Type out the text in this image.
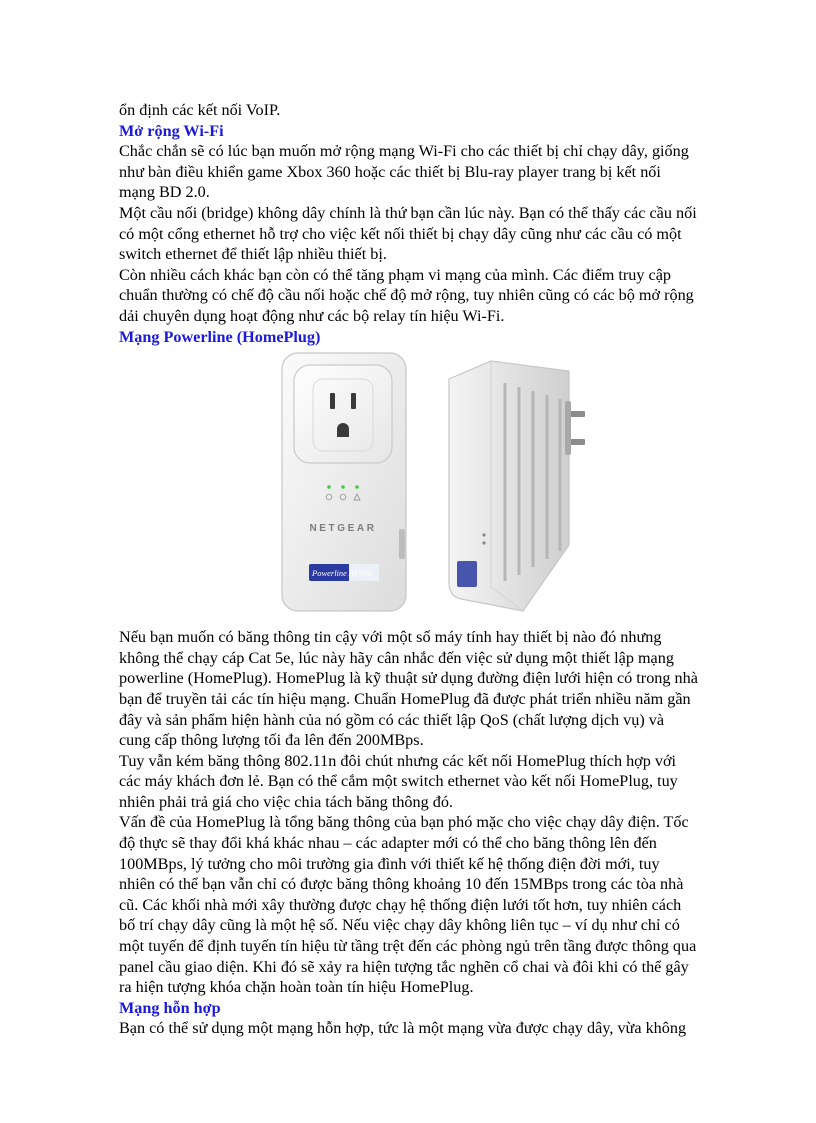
ổn định các kết nối VoIP.

Mở rộng Wi-Fi

Chắc chắn sẽ có lúc bạn muốn mở rộng mạng Wi-Fi cho các thiết bị chỉ chạy dây, giống như bàn điều khiển game Xbox 360 hoặc các thiết bị Blu-ray player trang bị kết nối mạng BD 2.0.

Một cầu nối (bridge) không dây chính là thứ bạn cần lúc này. Bạn có thể thấy các cầu nối có một cổng ethernet hỗ trợ cho việc kết nối thiết bị chạy dây cũng như các cầu có một switch ethernet để thiết lập nhiều thiết bị.

Còn nhiều cách khác bạn còn có thể tăng phạm vi mạng của mình. Các điểm truy cập chuẩn thường có chế độ cầu nối hoặc chế độ mở rộng, tuy nhiên cũng có các bộ mở rộng dải chuyên dụng hoạt động như các bộ relay tín hiệu Wi-Fi.

Mạng Powerline (HomePlug)

NETGEAR
Powerline AV500

Nếu bạn muốn có băng thông tin cậy với một số máy tính hay thiết bị nào đó nhưng không thể chạy cáp Cat 5e, lúc này hãy cân nhắc đến việc sử dụng một thiết lập mạng powerline (HomePlug). HomePlug là kỹ thuật sử dụng đường điện lưới hiện có trong nhà bạn để truyền tải các tín hiệu mạng. Chuẩn HomePlug đã được phát triển nhiều năm gần đây và sản phẩm hiện hành của nó gồm có các thiết lập QoS (chất lượng dịch vụ) và cung cấp thông lượng tối đa lên đến 200MBps.

Tuy vẫn kém băng thông 802.11n đôi chút nhưng các kết nối HomePlug thích hợp với các máy khách đơn lẻ. Bạn có thể cắm một switch ethernet vào kết nối HomePlug, tuy nhiên phải trả giá cho việc chia tách băng thông đó.

Vấn đề của HomePlug là tổng băng thông của bạn phó mặc cho việc chạy dây điện. Tốc độ thực sẽ thay đổi khá khác nhau – các adapter mới có thể cho băng thông lên đến 100MBps, lý tưởng cho môi trường gia đình với thiết kế hệ thống điện đời mới, tuy nhiên có thể bạn vẫn chỉ có được băng thông khoảng 10 đến 15MBps trong các tòa nhà cũ. Các khối nhà mới xây thường được chạy hệ thống điện lưới tốt hơn, tuy nhiên cách bố trí chạy dây cũng là một hệ số. Nếu việc chạy dây không liên tục – ví dụ như chỉ có một tuyến để định tuyến tín hiệu từ tầng trệt đến các phòng ngủ trên tầng được thông qua panel cầu giao diện. Khi đó sẽ xảy ra hiện tượng tắc nghẽn cổ chai và đôi khi có thể gây ra hiện tượng khóa chặn hoàn toàn tín hiệu HomePlug.

Mạng hỗn hợp

Bạn có thể sử dụng một mạng hỗn hợp, tức là một mạng vừa được chạy dây, vừa không
